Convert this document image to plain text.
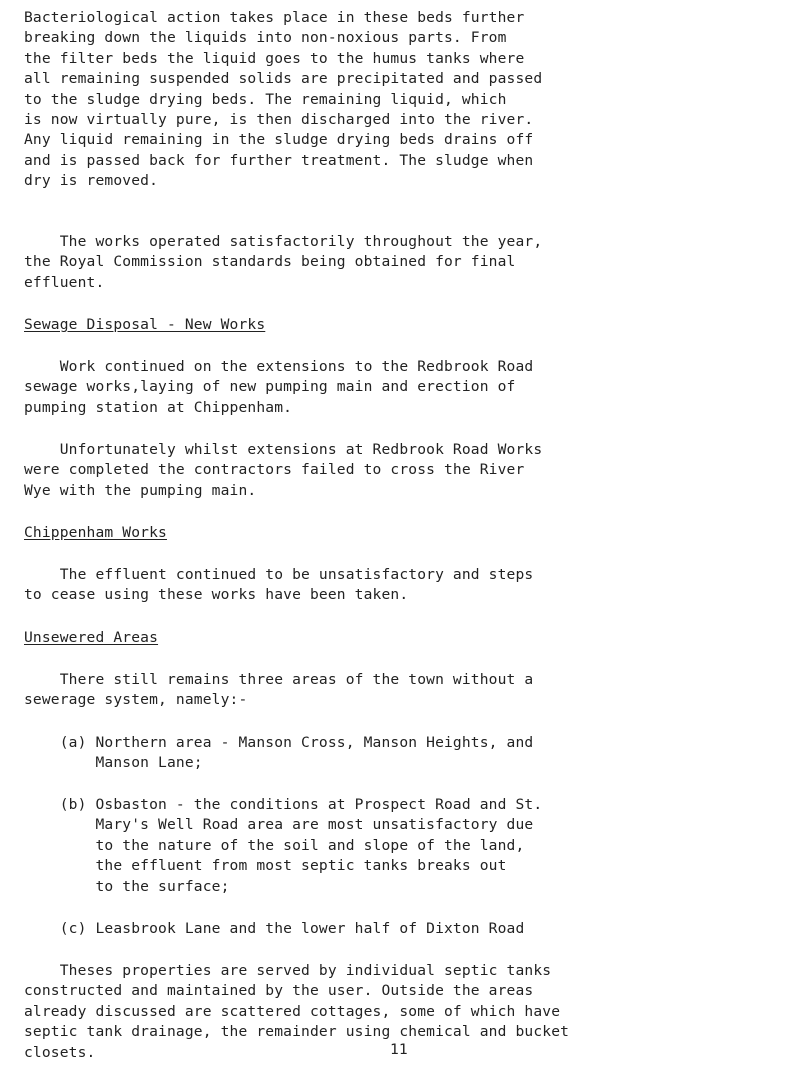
Bacteriological action takes place in these beds further
breaking down the liquids into non-noxious parts. From
the filter beds the liquid goes to the humus tanks where
all remaining suspended solids are precipitated and passed
to the sludge drying beds. The remaining liquid, which
is now virtually pure, is then discharged into the river.
Any liquid remaining in the sludge drying beds drains off
and is passed back for further treatment. The sludge when
dry is removed.

The works operated satisfactorily throughout the year,
the Royal Commission standards being obtained for final
effluent.

Sewage Disposal - New Works

Work continued on the extensions to the Redbrook Road
sewage works,laying of new pumping main and erection of
pumping station at Chippenham.

Unfortunately whilst extensions at Redbrook Road Works
were completed the contractors failed to cross the River
Wye with the pumping main.

Chippenham Works

The effluent continued to be unsatisfactory and steps
to cease using these works have been taken.

Unsewered Areas

There still remains three areas of the town without a
sewerage system, namely:-

(a) Northern area - Manson Cross, Manson Heights, and
Manson Lane;

(b) Osbaston - the conditions at Prospect Road and St.
Mary's Well Road area are most unsatisfactory due
to the nature of the soil and slope of the land,
the effluent from most septic tanks breaks out
to the surface;

(c) Leasbrook Lane and the lower half of Dixton Road

Theses properties are served by individual septic tanks
constructed and maintained by the user. Outside the areas
already discussed are scattered cottages, some of which have
septic tank drainage, the remainder using chemical and bucket
closets.	11
